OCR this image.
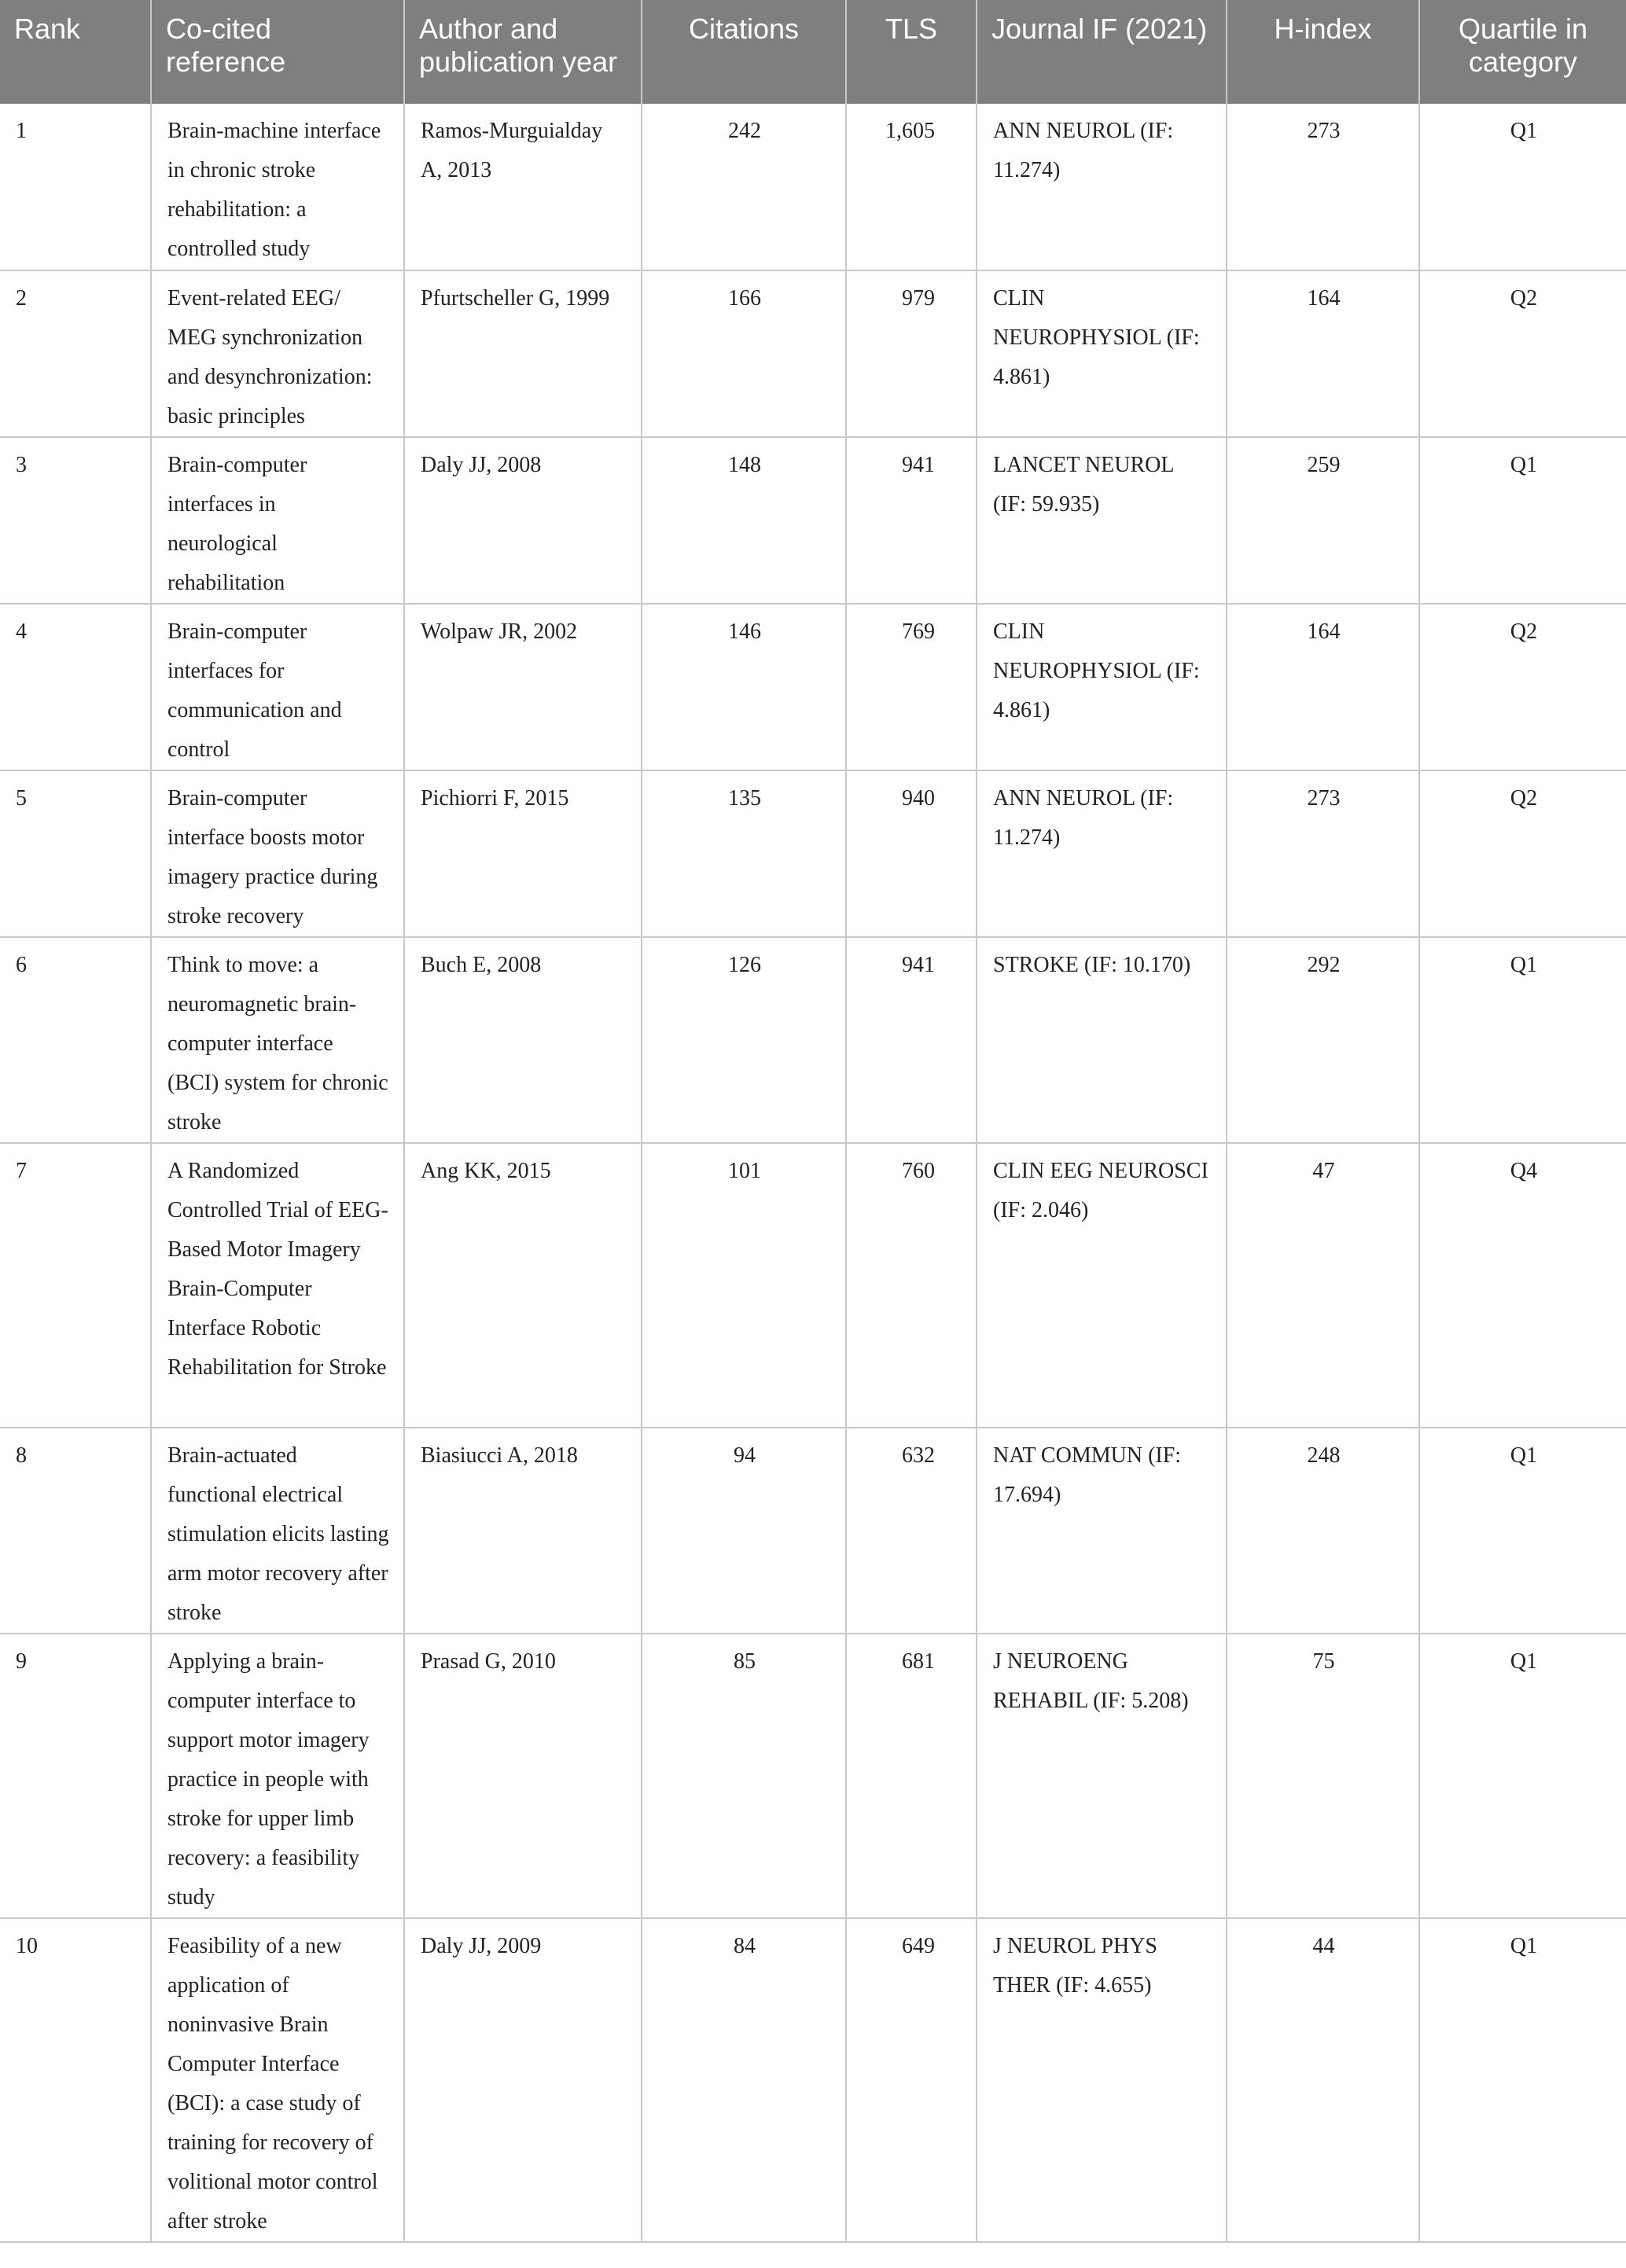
Rank	Co-cited reference	Author and publication year	Citations	TLS	Journal IF (2021)	H-index	Quartile in category
1	Brain-machine interface in chronic stroke rehabilitation: a controlled study	Ramos-Murguialday A, 2013	242	1,605	ANN NEUROL (IF: 11.274)	273	Q1
2	Event-related EEG/ MEG synchronization and desynchronization: basic principles	Pfurtscheller G, 1999	166	979	CLIN NEUROPHYSIOL (IF: 4.861)	164	Q2
3	Brain-computer interfaces in neurological rehabilitation	Daly JJ, 2008	148	941	LANCET NEUROL (IF: 59.935)	259	Q1
4	Brain-computer interfaces for communication and control	Wolpaw JR, 2002	146	769	CLIN NEUROPHYSIOL (IF: 4.861)	164	Q2
5	Brain-computer interface boosts motor imagery practice during stroke recovery	Pichiorri F, 2015	135	940	ANN NEUROL (IF: 11.274)	273	Q2
6	Think to move: a neuromagnetic brain-computer interface (BCI) system for chronic stroke	Buch E, 2008	126	941	STROKE (IF: 10.170)	292	Q1
7	A Randomized Controlled Trial of EEG-Based Motor Imagery Brain-Computer Interface Robotic Rehabilitation for Stroke	Ang KK, 2015	101	760	CLIN EEG NEUROSCI (IF: 2.046)	47	Q4
8	Brain-actuated functional electrical stimulation elicits lasting arm motor recovery after stroke	Biasiucci A, 2018	94	632	NAT COMMUN (IF: 17.694)	248	Q1
9	Applying a brain-computer interface to support motor imagery practice in people with stroke for upper limb recovery: a feasibility study	Prasad G, 2010	85	681	J NEUROENG REHABIL (IF: 5.208)	75	Q1
10	Feasibility of a new application of noninvasive Brain Computer Interface (BCI): a case study of training for recovery of volitional motor control after stroke	Daly JJ, 2009	84	649	J NEUROL PHYS THER (IF: 4.655)	44	Q1
